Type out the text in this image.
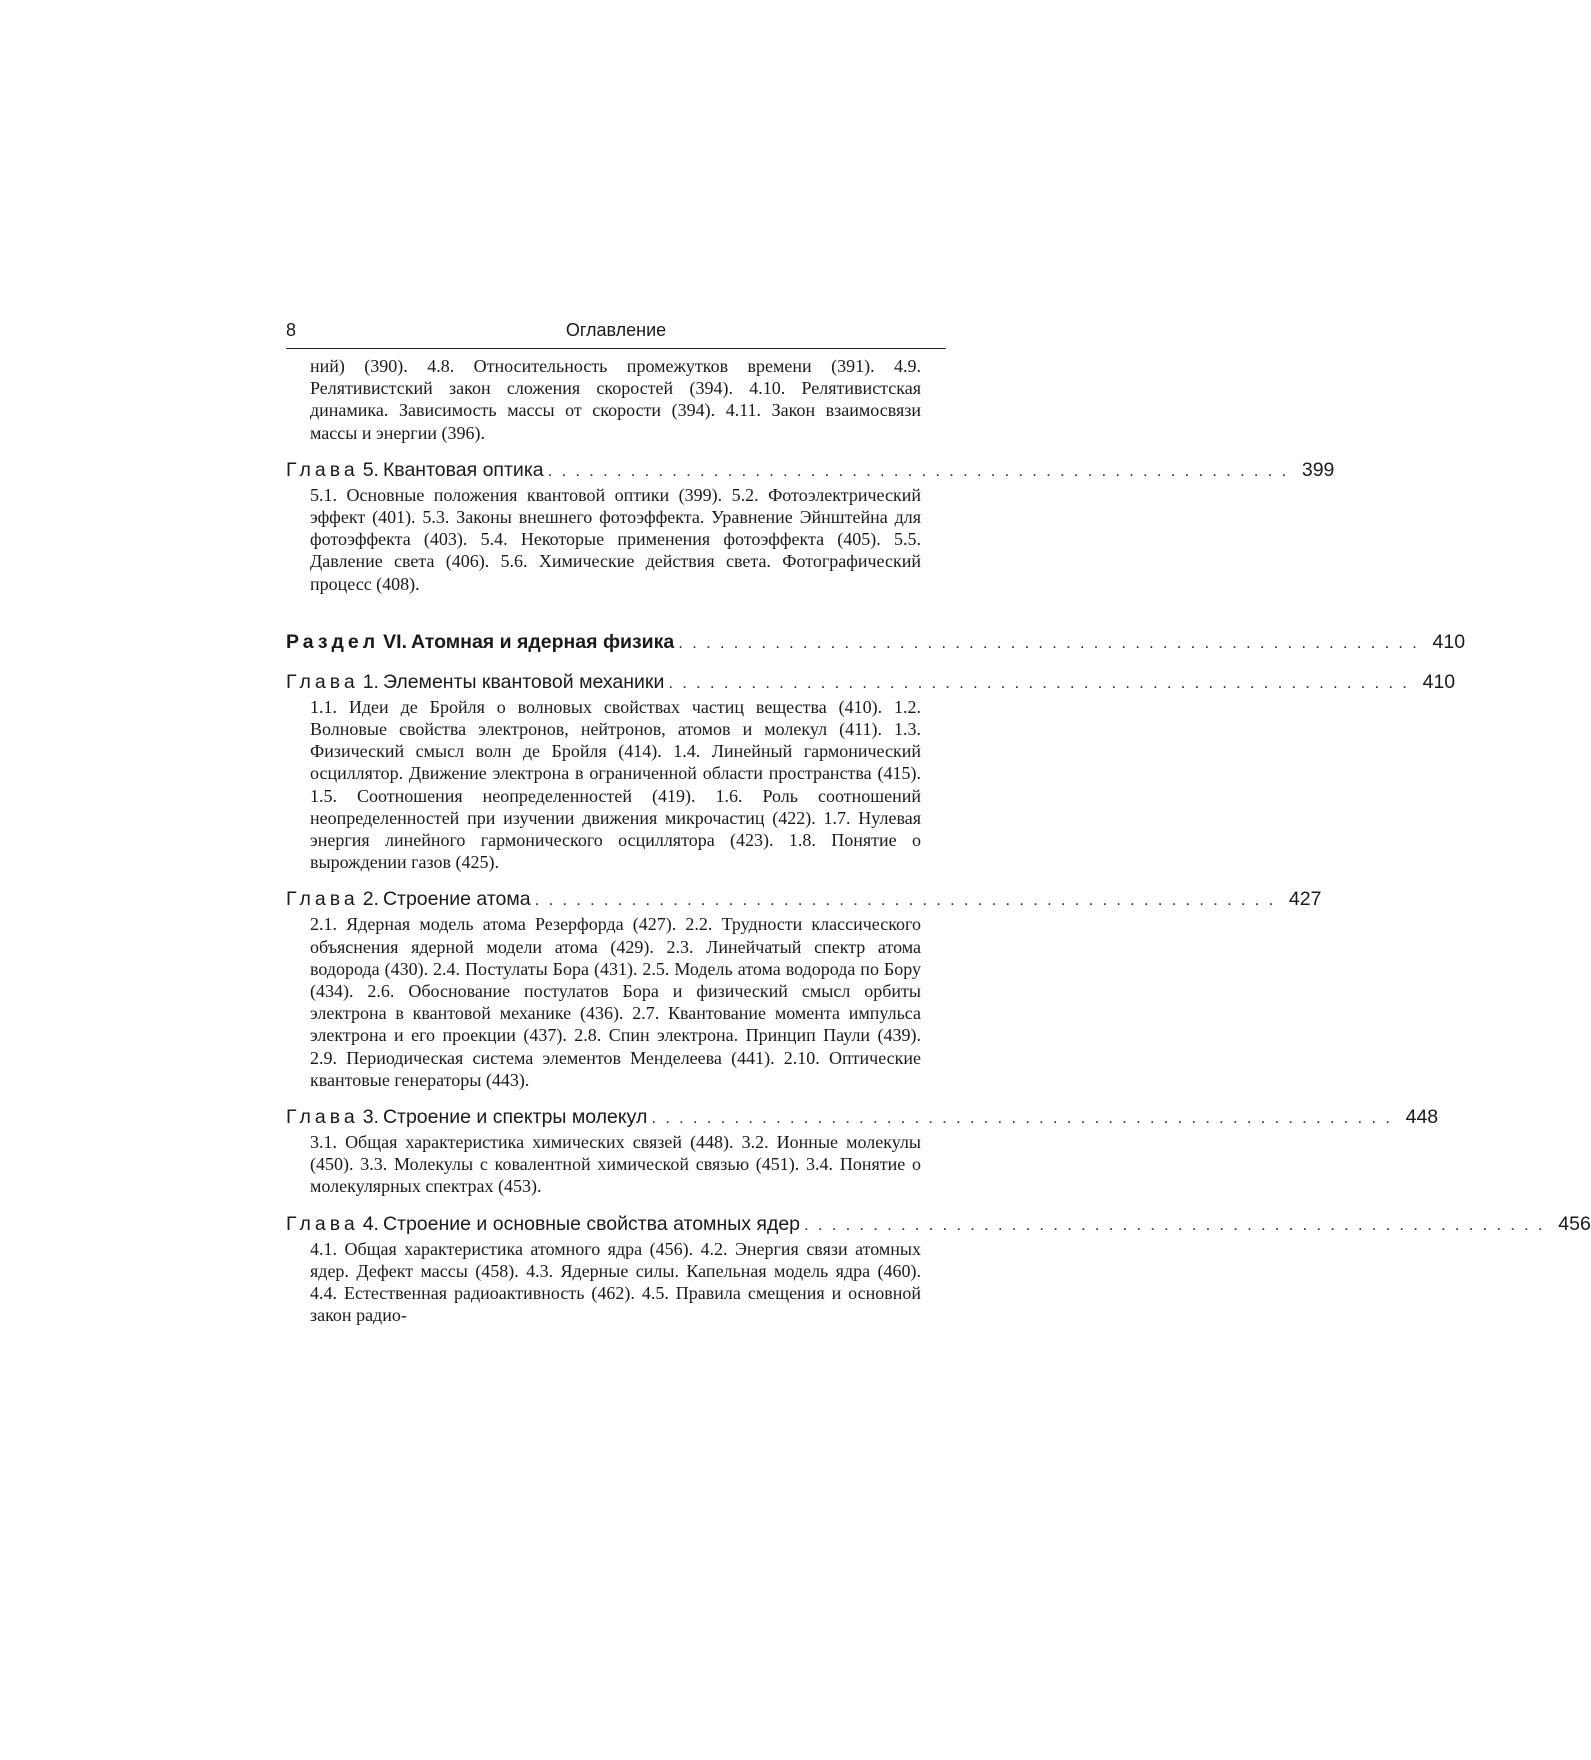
8	Оглавление
ний) (390). 4.8. Относительность промежутков времени (391). 4.9. Релятивистский закон сложения скоростей (394). 4.10. Релятивистская динамика. Зависимость массы от скорости (394). 4.11. Закон взаимосвязи массы и энергии (396).
Глава 5. Квантовая оптика . . . . . . . . . . . . . . . . . . . . . . . . . . . . . . . . . . . . . . . . . . . . . . . . . . . . . . 399
5.1. Основные положения квантовой оптики (399). 5.2. Фотоэлектрический эффект (401). 5.3. Законы внешнего фотоэффекта. Уравнение Эйнштейна для фотоэффекта (403). 5.4. Некоторые применения фотоэффекта (405). 5.5. Давление света (406). 5.6. Химические действия света. Фотографический процесс (408).
Раздел VI. Атомная и ядерная физика . . . . . . . . . . . . . . . . . . . . . . . . . . . . . . . . . . . . . . . . . . . . . . . . . . . . . . 410
Глава 1. Элементы квантовой механики . . . . . . . . . . . . . . . . . . . . . . . . . . . . . . . . . . . . . . . . . . . . . . . . . . . . . . 410
1.1. Идеи де Бройля о волновых свойствах частиц вещества (410). 1.2. Волновые свойства электронов, нейтронов, атомов и молекул (411). 1.3. Физический смысл волн де Бройля (414). 1.4. Линейный гармонический осциллятор. Движение электрона в ограниченной области пространства (415). 1.5. Соотношения неопределенностей (419). 1.6. Роль соотношений неопределенностей при изучении движения микрочастиц (422). 1.7. Нулевая энергия линейного гармонического осциллятора (423). 1.8. Понятие о вырождении газов (425).
Глава 2. Строение атома . . . . . . . . . . . . . . . . . . . . . . . . . . . . . . . . . . . . . . . . . . . . . . . . . . . . . . 427
2.1. Ядерная модель атома Резерфорда (427). 2.2. Трудности классического объяснения ядерной модели атома (429). 2.3. Линейчатый спектр атома водорода (430). 2.4. Постулаты Бора (431). 2.5. Модель атома водорода по Бору (434). 2.6. Обоснование постулатов Бора и физический смысл орбиты электрона в квантовой механике (436). 2.7. Квантование момента импульса электрона и его проекции (437). 2.8. Спин электрона. Принцип Паули (439). 2.9. Периодическая система элементов Менделеева (441). 2.10. Оптические квантовые генераторы (443).
Глава 3. Строение и спектры молекул . . . . . . . . . . . . . . . . . . . . . . . . . . . . . . . . . . . . . . . . . . . . . . . . . . . . . . 448
3.1. Общая характеристика химических связей (448). 3.2. Ионные молекулы (450). 3.3. Молекулы с ковалентной химической связью (451). 3.4. Понятие о молекулярных спектрах (453).
Глава 4. Строение и основные свойства атомных ядер . . . . . . . . . . . . . . . . . . . . . . . . . . . . . . . . . . . . . . . . . . . . . . . . . . . . . . 456
4.1. Общая характеристика атомного ядра (456). 4.2. Энергия связи атомных ядер. Дефект массы (458). 4.3. Ядерные силы. Капельная модель ядра (460). 4.4. Естественная радиоактивность (462). 4.5. Правила смещения и основной закон радио-
